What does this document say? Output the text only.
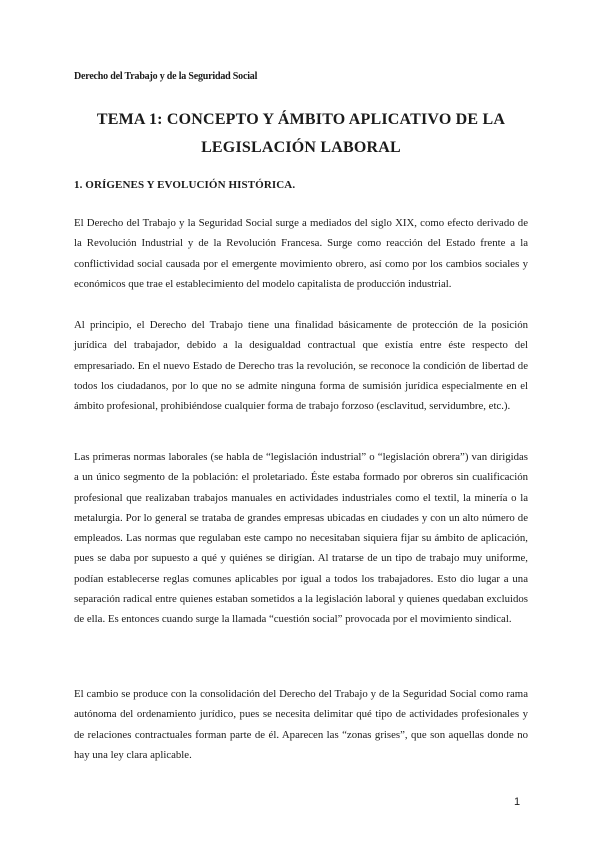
Derecho del Trabajo y de la Seguridad Social
TEMA 1: CONCEPTO Y ÁMBITO APLICATIVO DE LA LEGISLACIÓN LABORAL
1. ORÍGENES Y EVOLUCIÓN HISTÓRICA.

El Derecho del Trabajo y la Seguridad Social surge a mediados del siglo XIX, como efecto derivado de la Revolución Industrial y de la Revolución Francesa. Surge como reacción del Estado frente a la conflictividad social causada por el emergente movimiento obrero, así como por los cambios sociales y económicos que trae el establecimiento del modelo capitalista de producción industrial.

Al principio, el Derecho del Trabajo tiene una finalidad básicamente de protección de la posición jurídica del trabajador, debido a la desigualdad contractual que existía entre éste respecto del empresariado. En el nuevo Estado de Derecho tras la revolución, se reconoce la condición de libertad de todos los ciudadanos, por lo que no se admite ninguna forma de sumisión jurídica especialmente en el ámbito profesional, prohibiéndose cualquier forma de trabajo forzoso (esclavitud, servidumbre, etc.).

Las primeras normas laborales (se habla de “legislación industrial” o “legislación obrera”) van dirigidas a un único segmento de la población: el proletariado. Éste estaba formado por obreros sin cualificación profesional que realizaban trabajos manuales en actividades industriales como el textil, la minería o la metalurgia. Por lo general se trataba de grandes empresas ubicadas en ciudades y con un alto número de empleados. Las normas que regulaban este campo no necesitaban siquiera fijar su ámbito de aplicación, pues se daba por supuesto a qué y quiénes se dirigían. Al tratarse de un tipo de trabajo muy uniforme, podían establecerse reglas comunes aplicables por igual a todos los trabajadores. Esto dio lugar a una separación radical entre quienes estaban sometidos a la legislación laboral y quienes quedaban excluidos de ella. Es entonces cuando surge la llamada “cuestión social” provocada por el movimiento sindical.

El cambio se produce con la consolidación del Derecho del Trabajo y de la Seguridad Social como rama autónoma del ordenamiento jurídico, pues se necesita delimitar qué tipo de actividades profesionales y de relaciones contractuales forman parte de él. Aparecen las “zonas grises”, que son aquellas donde no hay una ley clara aplicable.

1
